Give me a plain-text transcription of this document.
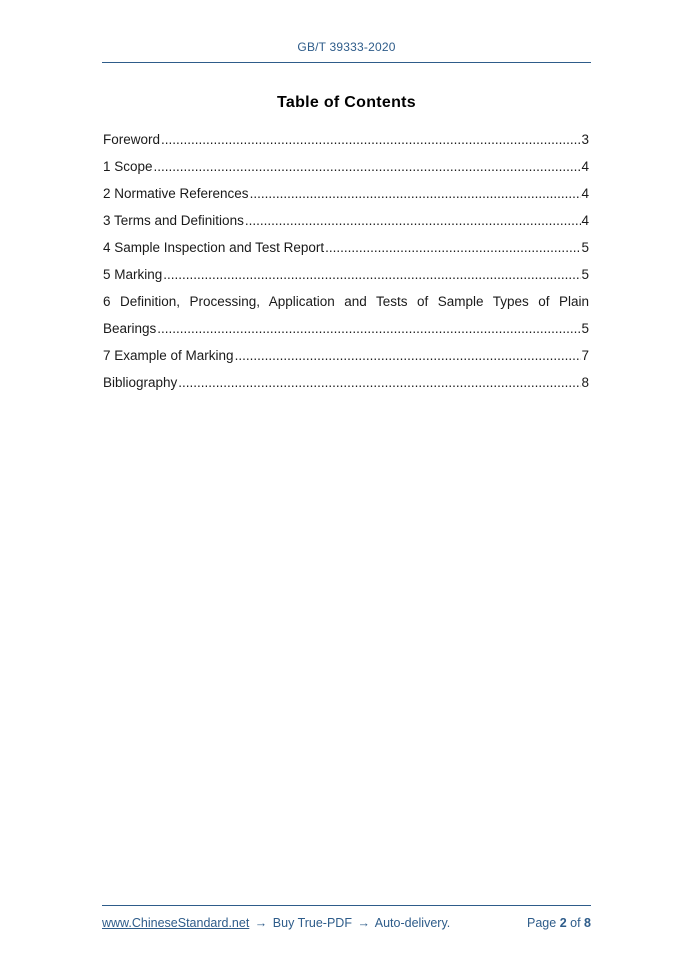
GB/T 39333-2020
Table of Contents
Foreword .....	3
1 Scope .....	4
2 Normative References .....	4
3 Terms and Definitions .....	4
4 Sample Inspection and Test Report .....	5
5 Marking .....	5
6 Definition, Processing, Application and Tests of Sample Types of Plain
Bearings .....	5
7 Example of Marking .....	7
Bibliography .....	8
www.ChineseStandard.net → Buy True-PDF → Auto-delivery.	Page 2 of 8
